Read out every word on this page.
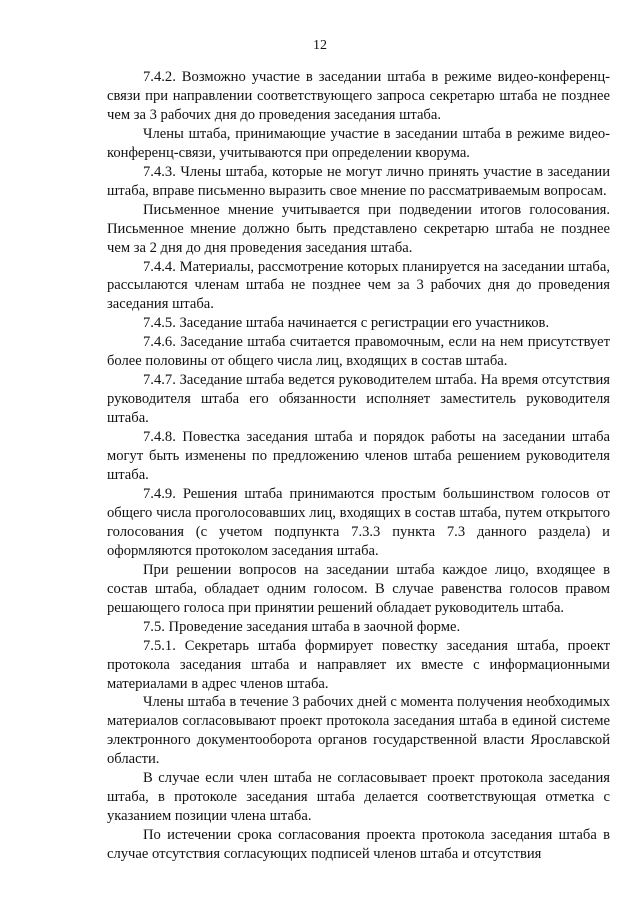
12

7.4.2. Возможно участие в заседании штаба в режиме видео-конференц-связи при направлении соответствующего запроса секретарю штаба не позднее чем за 3 рабочих дня до проведения заседания штаба.

Члены штаба, принимающие участие в заседании штаба в режиме видео-конференц-связи, учитываются при определении кворума.

7.4.3. Члены штаба, которые не могут лично принять участие в заседании штаба, вправе письменно выразить свое мнение по рассматриваемым вопросам.

Письменное мнение учитывается при подведении итогов голосования. Письменное мнение должно быть представлено секретарю штаба не позднее чем за 2 дня до дня проведения заседания штаба.

7.4.4. Материалы, рассмотрение которых планируется на заседании штаба, рассылаются членам штаба не позднее чем за 3 рабочих дня до проведения заседания штаба.

7.4.5. Заседание штаба начинается с регистрации его участников.

7.4.6. Заседание штаба считается правомочным, если на нем присутствует более половины от общего числа лиц, входящих в состав штаба.

7.4.7. Заседание штаба ведется руководителем штаба. На время отсутствия руководителя штаба его обязанности исполняет заместитель руководителя штаба.

7.4.8. Повестка заседания штаба и порядок работы на заседании штаба могут быть изменены по предложению членов штаба решением руководителя штаба.

7.4.9. Решения штаба принимаются простым большинством голосов от общего числа проголосовавших лиц, входящих в состав штаба, путем открытого голосования (с учетом подпункта 7.3.3 пункта 7.3 данного раздела) и оформляются протоколом заседания штаба.

При решении вопросов на заседании штаба каждое лицо, входящее в состав штаба, обладает одним голосом. В случае равенства голосов правом решающего голоса при принятии решений обладает руководитель штаба.

7.5. Проведение заседания штаба в заочной форме.

7.5.1. Секретарь штаба формирует повестку заседания штаба, проект протокола заседания штаба и направляет их вместе с информационными материалами в адрес членов штаба.

Члены штаба в течение 3 рабочих дней с момента получения необходимых материалов согласовывают проект протокола заседания штаба в единой системе электронного документооборота органов государственной власти Ярославской области.

В случае если член штаба не согласовывает проект протокола заседания штаба, в протоколе заседания штаба делается соответствующая отметка с указанием позиции члена штаба.

По истечении срока согласования проекта протокола заседания штаба в случае отсутствия согласующих подписей членов штаба и отсутствия
